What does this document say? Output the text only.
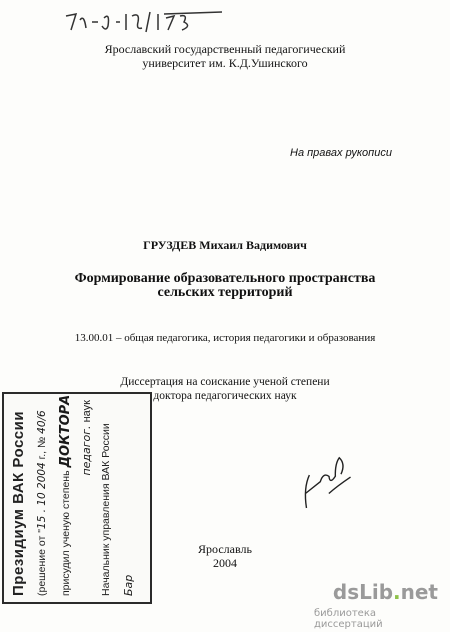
Ярославский государственный педагогический
университет им. К.Д.Ушинского
На правах рукописи
ГРУЗДЕВ Михаил Вадимович
Формирование образовательного пространства
сельских территорий
13.00.01 – общая педагогика, история педагогики и образования
Диссертация на соискание ученой степени
доктора педагогических наук
Ярославль
2004
Президиум ВАК России (решение от "15 . 10 2004 г., № 40/6
присудил ученую степень ДОКТОРА педагог. наук
Начальник управления ВАК России Бар	dsLib.net
библиотека диссертаций
